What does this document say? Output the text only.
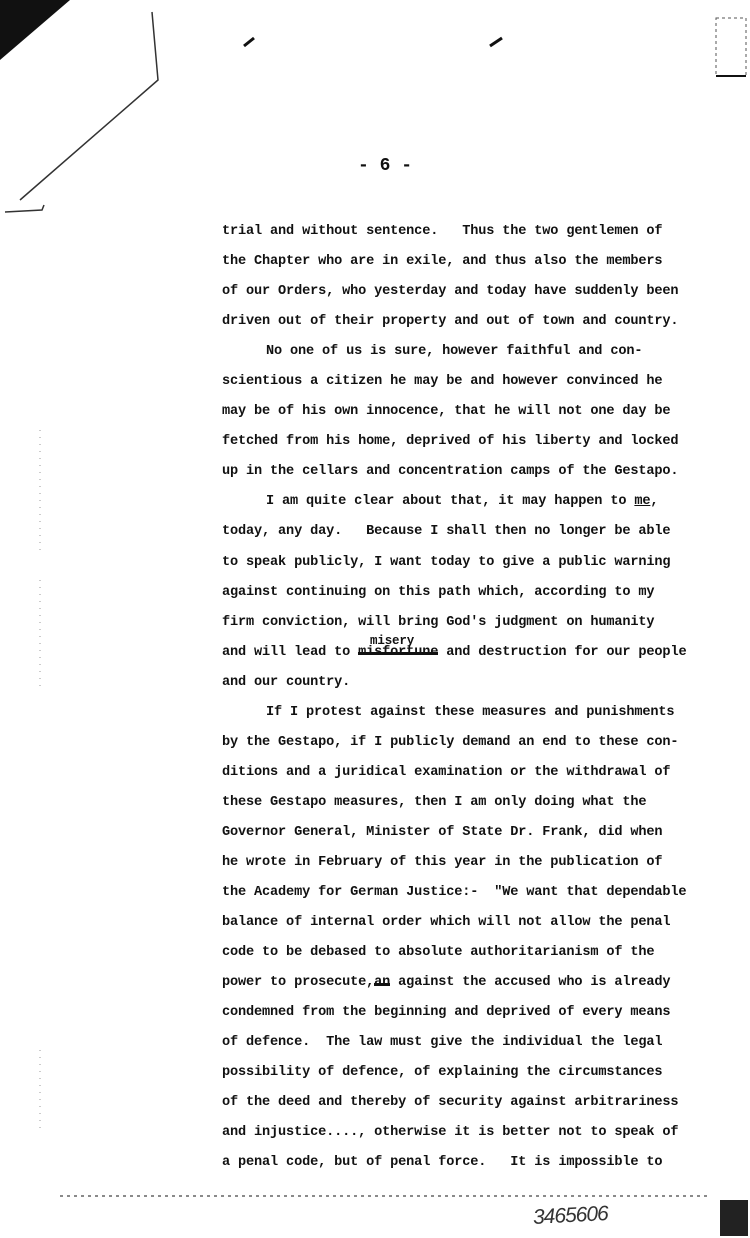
- 6 -
trial and without sentence.   Thus the two gentlemen of
the Chapter who are in exile, and thus also the members
of our Orders, who yesterday and today have suddenly been
driven out of their property and out of town and country.
No one of us is sure, however faithful and con-
scientious a citizen he may be and however convinced he
may be of his own innocence, that he will not one day be
fetched from his home, deprived of his liberty and locked
up in the cellars and concentration camps of the Gestapo.
I am quite clear about that, it may happen to me,
today, any day.   Because I shall then no longer be able
to speak publicly, I want today to give a public warning
against continuing on this path which, according to my
firm conviction, will bring God's judgment on humanity
misery
and will lead to misfortune and destruction for our people
and our country.
If I protest against these measures and punishments
by the Gestapo, if I publicly demand an end to these con-
ditions and a juridical examination or the withdrawal of
these Gestapo measures, then I am only doing what the
Governor General, Minister of State Dr. Frank, did when
he wrote in February of this year in the publication of
the Academy for German Justice:-  "We want that dependable
balance of internal order which will not allow the penal
code to be debased to absolute authoritarianism of the
power to prosecute,an against the accused who is already
condemned from the beginning and deprived of every means
of defence.  The law must give the individual the legal
possibility of defence, of explaining the circumstances
of the deed and thereby of security against arbitrariness
and injustice...., otherwise it is better not to speak of
a penal code, but of penal force.   It is impossible to
3465606
